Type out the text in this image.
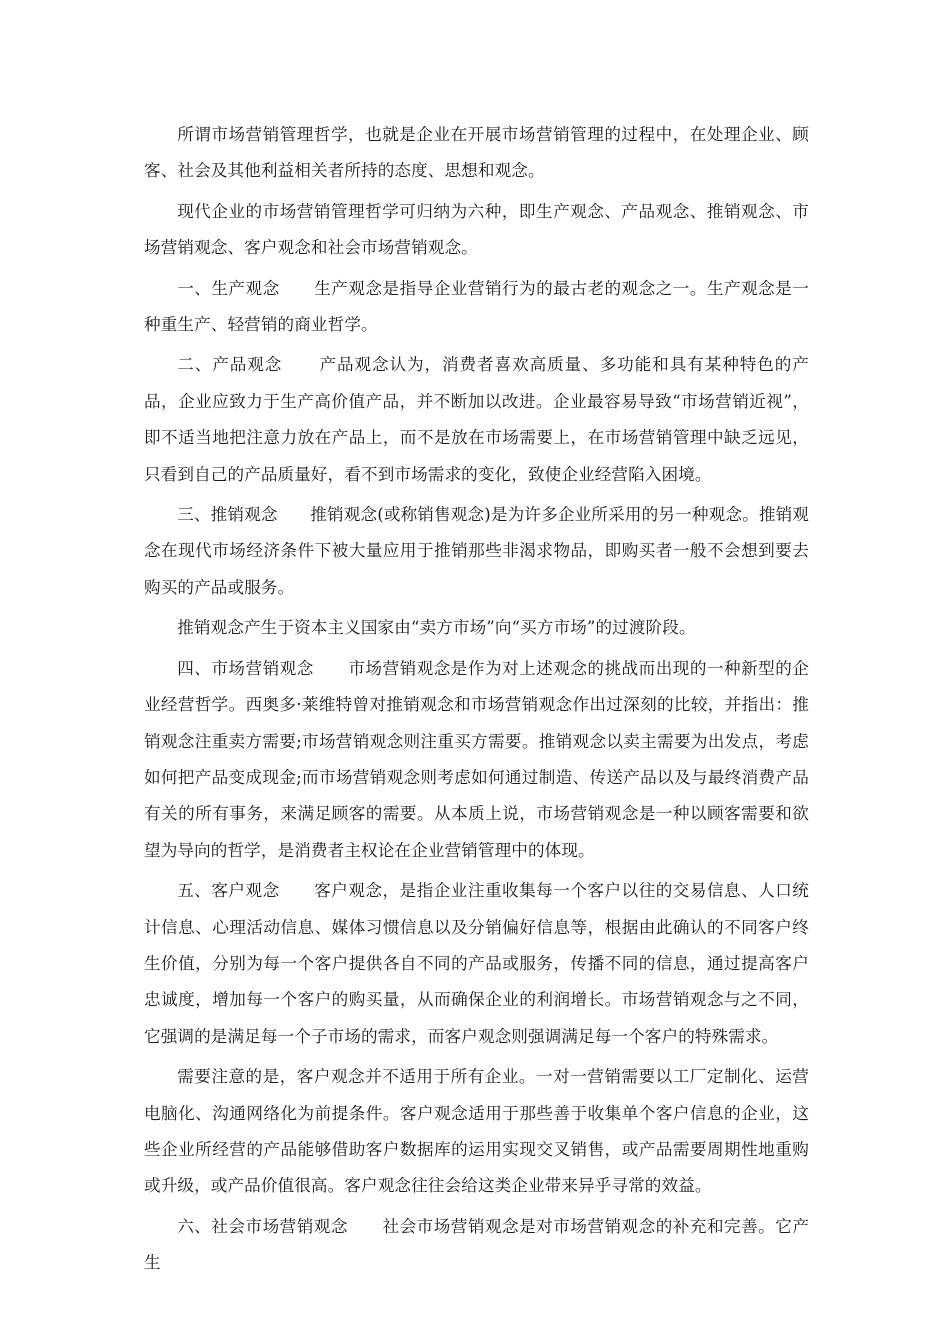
所谓市场营销管理哲学，也就是企业在开展市场营销管理的过程中，在处理企业、顾客、社会及其他利益相关者所持的态度、思想和观念。

现代企业的市场营销管理哲学可归纳为六种，即生产观念、产品观念、推销观念、市场营销观念、客户观念和社会市场营销观念。

一、生产观念 生产观念是指导企业营销行为的最古老的观念之一。生产观念是一种重生产、轻营销的商业哲学。

二、产品观念 产品观念认为，消费者喜欢高质量、多功能和具有某种特色的产品，企业应致力于生产高价值产品，并不断加以改进。企业最容易导致“市场营销近视”，即不适当地把注意力放在产品上，而不是放在市场需要上，在市场营销管理中缺乏远见，只看到自己的产品质量好，看不到市场需求的变化，致使企业经营陷入困境。

三、推销观念 推销观念(或称销售观念)是为许多企业所采用的另一种观念。推销观念在现代市场经济条件下被大量应用于推销那些非渴求物品，即购买者一般不会想到要去购买的产品或服务。

推销观念产生于资本主义国家由“卖方市场”向“买方市场”的过渡阶段。

四、市场营销观念 市场营销观念是作为对上述观念的挑战而出现的一种新型的企业经营哲学。西奥多·莱维特曾对推销观念和市场营销观念作出过深刻的比较，并指出：推销观念注重卖方需要;市场营销观念则注重买方需要。推销观念以卖主需要为出发点，考虑如何把产品变成现金;而市场营销观念则考虑如何通过制造、传送产品以及与最终消费产品有关的所有事务，来满足顾客的需要。从本质上说，市场营销观念是一种以顾客需要和欲望为导向的哲学，是消费者主权论在企业营销管理中的体现。

五、客户观念 客户观念，是指企业注重收集每一个客户以往的交易信息、人口统计信息、心理活动信息、媒体习惯信息以及分销偏好信息等，根据由此确认的不同客户终生价值，分别为每一个客户提供各自不同的产品或服务，传播不同的信息，通过提高客户忠诚度，增加每一个客户的购买量，从而确保企业的利润增长。市场营销观念与之不同，它强调的是满足每一个子市场的需求，而客户观念则强调满足每一个客户的特殊需求。

需要注意的是，客户观念并不适用于所有企业。一对一营销需要以工厂定制化、运营电脑化、沟通网络化为前提条件。客户观念适用于那些善于收集单个客户信息的企业，这些企业所经营的产品能够借助客户数据库的运用实现交叉销售，或产品需要周期性地重购或升级，或产品价值很高。客户观念往往会给这类企业带来异乎寻常的效益。

六、社会市场营销观念 社会市场营销观念是对市场营销观念的补充和完善。它产生
